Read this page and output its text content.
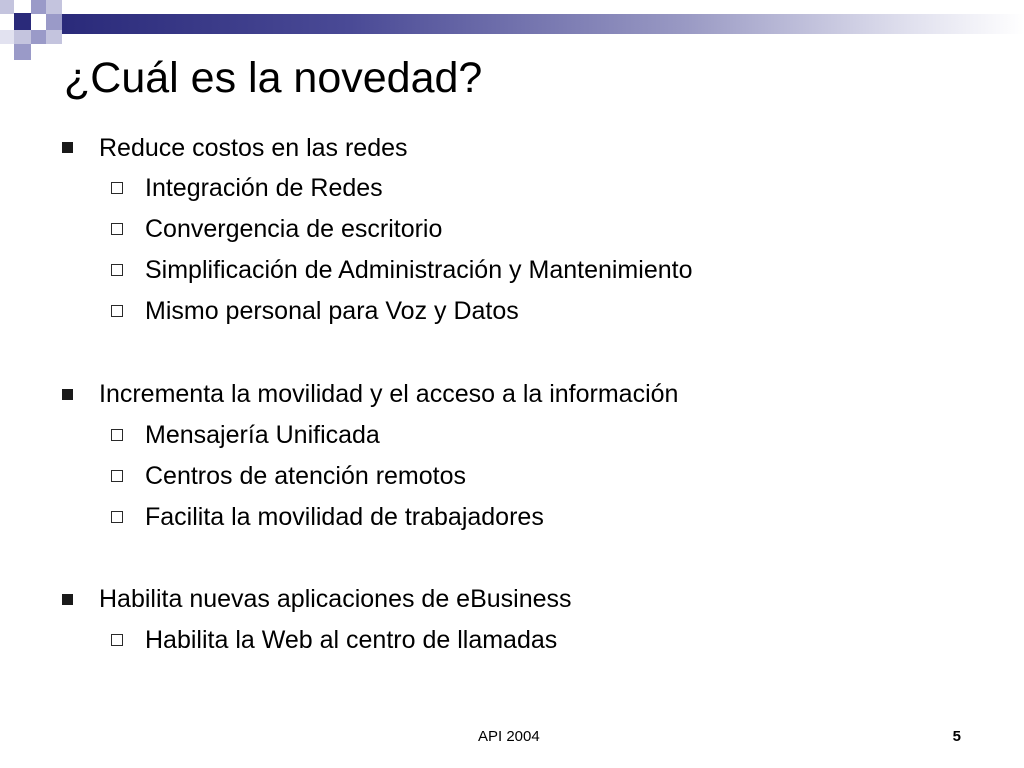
¿Cuál es la novedad?
Reduce costos en las redes
Integración de Redes
Convergencia de escritorio
Simplificación de Administración y Mantenimiento
Mismo personal para Voz y Datos
Incrementa la movilidad y el acceso a la información
Mensajería Unificada
Centros de atención remotos
Facilita la movilidad de trabajadores
Habilita nuevas aplicaciones de eBusiness
Habilita la Web al centro de llamadas
API 2004	5
